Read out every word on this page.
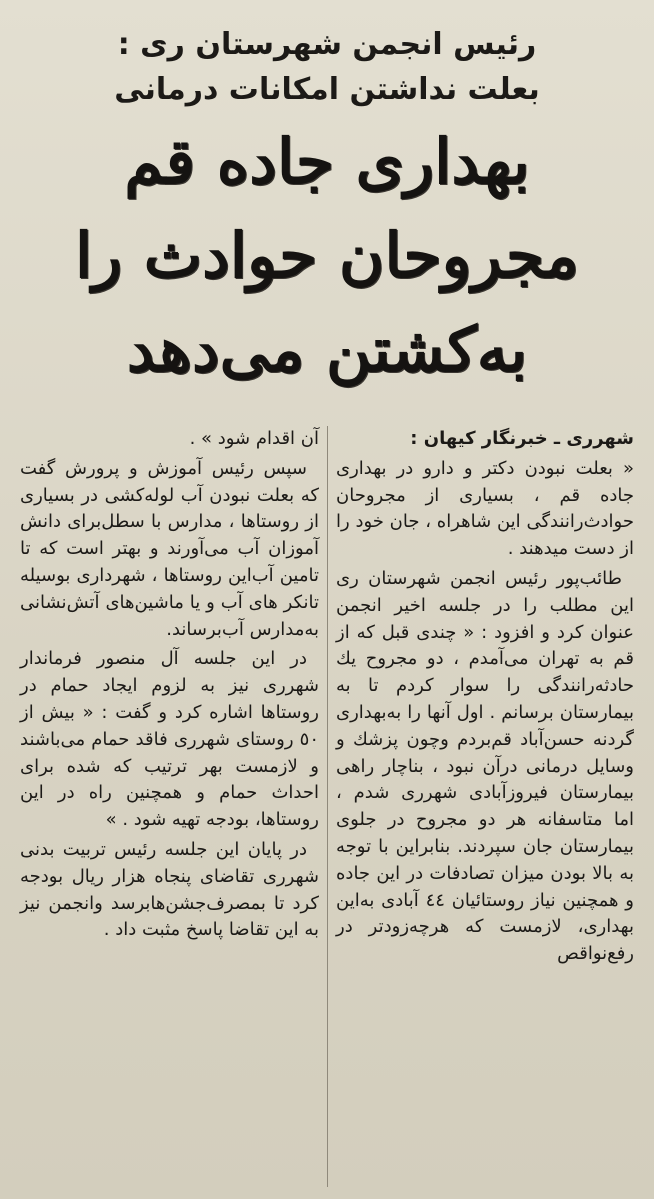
رئیس انجمن شهرستان ری :
بعلت نداشتن امکانات درمانی
بهداری جاده قم
مجروحان حوادث را
به‌کشتن می‌دهد

شهرری ـ خبرنگار کیهان :

« بعلت نبودن دکتر و دارو در بهداری جاده قم ، بسیاری از مجروحان حوادث‌رانندگی این شاهراه ، جان خود را از دست میدهند .

طائب‌پور رئیس انجمن شهرستان ری این مطلب را در جلسه اخیر انجمن عنوان کرد و افزود : « چندی قبل که از قم به تهران می‌آمدم ، دو مجروح یك حادثه‌رانندگی را سوار کردم تا به بیمارستان برسانم . اول آنها را به‌بهداری گردنه حسن‌آباد قم‌بردم وچون پزشك و وسایل درمانی درآن نبود ، بناچار راهی بیمارستان فیروزآبادی شهرری شدم ، اما متاسفانه هر دو مجروح در جلوی بیمارستان جان سپردند. بنابراین با توجه به بالا بودن میزان تصادفات در این جاده و همچنین نیاز روستائیان ٤٤ آبادی به‌این بهداری، لازمست که هرچه‌زودتر در رفع‌نواقص

آن اقدام شود » .

سپس رئیس آموزش و پرورش گفت که بعلت نبودن آب لوله‌کشی در بسیاری از روستاها ، مدارس با سطل‌برای دانش آموزان آب می‌آورند و بهتر است که تا تامین آب‌این روستاها ، شهرداری بوسیله تانکر های آب و یا ماشین‌های آتش‌نشانی به‌مدارس آب‌برساند.

در این جلسه آل منصور فرماندار شهرری نیز به لزوم ایجاد حمام در روستاها اشاره کرد و گفت : « بیش از ٥٠ روستای شهرری فاقد حمام می‌باشند و لازمست بهر ترتیب که شده برای احداث حمام و همچنین راه در این روستاها، بودجه تهیه شود . »

در پایان این جلسه رئیس تربیت بدنی شهرری تقاضای پنجاه هزار ریال بودجه کرد تا بمصرف‌جشن‌هابرسد وانجمن نیز به این تقاضا پاسخ مثبت داد .
